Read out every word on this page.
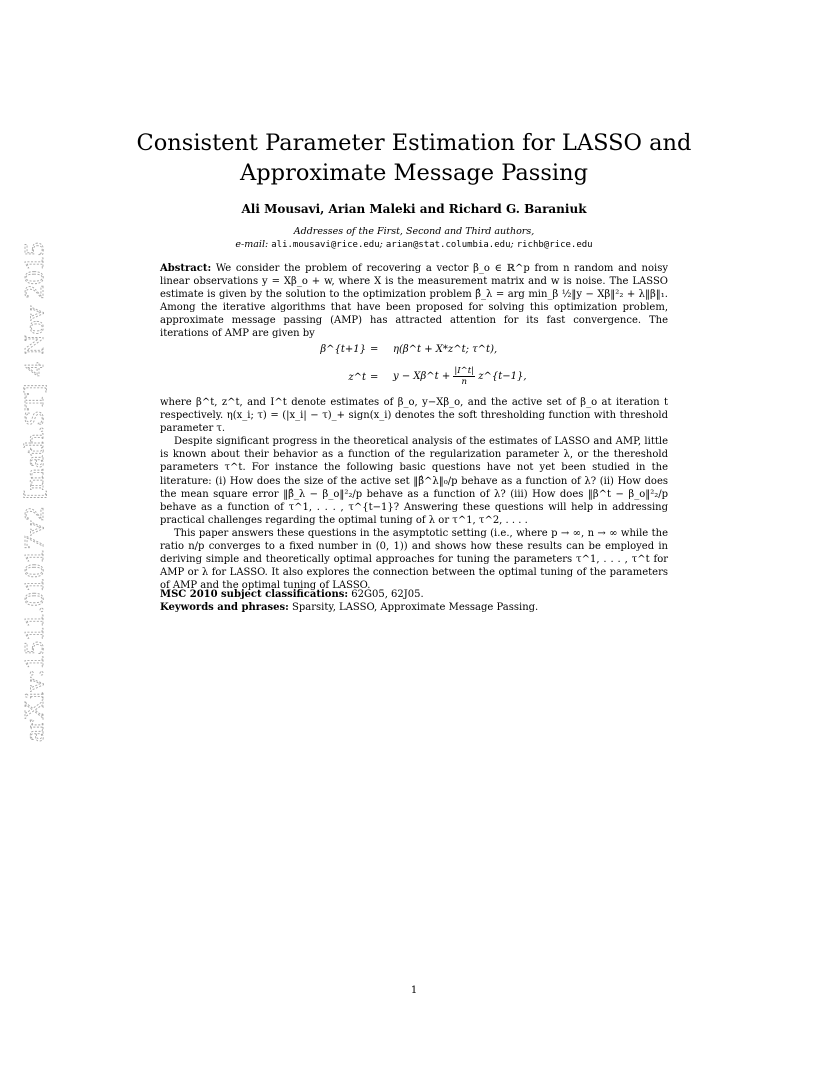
arXiv:1511.01017v2 [math.ST] 4 Nov 2015
Consistent Parameter Estimation for LASSO and
Approximate Message Passing
Ali Mousavi, Arian Maleki and Richard G. Baraniuk
Addresses of the First, Second and Third authors,
e-mail: ali.mousavi@rice.edu; arian@stat.columbia.edu; richb@rice.edu
Abstract: We consider the problem of recovering a vector β_o ∈ ℝ^p from n random and noisy linear observations y = Xβ_o + w, where X is the measurement matrix and w is noise. The LASSO estimate is given by the solution to the optimization problem β̂_λ = arg min_β ½‖y − Xβ‖²₂ + λ‖β‖₁. Among the iterative algorithms that have been proposed for solving this optimization problem, approximate message passing (AMP) has attracted attention for its fast convergence. The iterations of AMP are given by
β^{t+1} = η(β^t + X*z^t; τ^t),
z^t = y − Xβ^t + $\frac{|I\^{}t|}{n}$ z^{t−1},
where β^t, z^t, and I^t denote estimates of β_o, y−Xβ_o, and the active set of β_o at iteration t respectively. η(x_i; τ) = (|x_i| − τ)_+ sign(x_i) denotes the soft thresholding function with threshold parameter τ.
Despite significant progress in the theoretical analysis of the estimates of LASSO and AMP, little is known about their behavior as a function of the regularization parameter λ, or the thereshold parameters τ^t. For instance the following basic questions have not yet been studied in the literature: (i) How does the size of the active set ‖β̂^λ‖₀/p behave as a function of λ? (ii) How does the mean square error ‖β̂_λ − β_o‖²₂/p behave as a function of λ? (iii) How does ‖β^t − β_o‖²₂/p behave as a function of τ^1, . . . , τ^{t−1}? Answering these questions will help in addressing practical challenges regarding the optimal tuning of λ or τ^1, τ^2, . . . .
This paper answers these questions in the asymptotic setting (i.e., where p → ∞, n → ∞ while the ratio n/p converges to a fixed number in (0, 1)) and shows how these results can be employed in deriving simple and theoretically optimal approaches for tuning the parameters τ^1, . . . , τ^t for AMP or λ for LASSO. It also explores the connection between the optimal tuning of the parameters of AMP and the optimal tuning of LASSO.
MSC 2010 subject classifications: 62G05, 62J05.
Keywords and phrases: Sparsity, LASSO, Approximate Message Passing.
1
